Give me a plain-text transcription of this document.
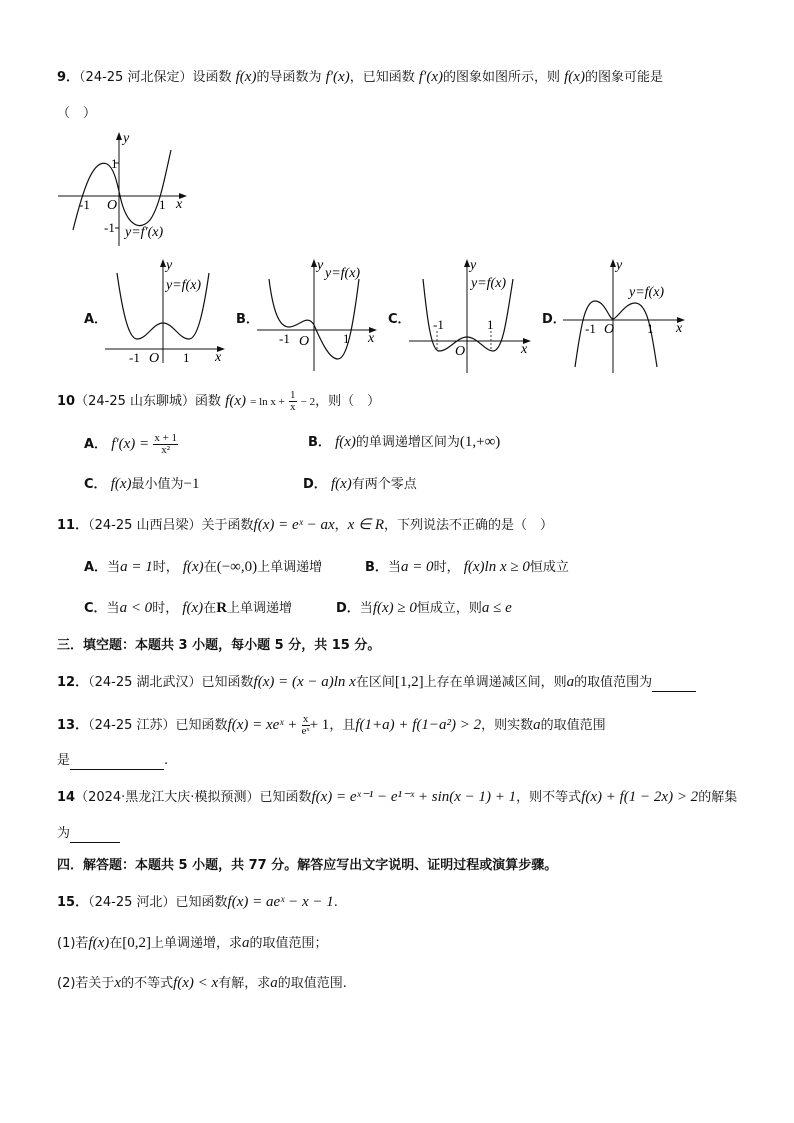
9．（24-25 河北保定）设函数 f(x)的导函数为 f′(x)，已知函数 f′(x)的图象如图所示，则 f(x)的图象可能是
（　）
y
x
O
-1	1
1
-1 y=f′(x)
A．
y
x
y=f(x)
-1 O 1
B．
y
x
y=f(x)
-1 O	1
C．
y
x
y=f(x)
-1
O
1	D．
y
x
y=f(x)
-1 O	1
10（24-25 山东聊城）函数 $f(x) = \ln x + \frac{1}{x} - 2$，则（　）
A． $f'(x) = \frac{x + 1}{\text{x²}}$	B． f(x)的单调递增区间为(1,+∞)
C． f(x)最小值为−1	D． f(x)有两个零点
11．（24-25 山西吕梁）关于函数f(x) = eˣ − ax，x ∈ R，下列说法不正确的是（　）
A．当a = 1时， f(x)在(−∞,0)上单调递增	B．当a = 0时， f(x)ln x ≥ 0恒成立
C．当a < 0时， f(x)在R上单调递增	D．当f(x) ≥ 0恒成立，则a ≤ e
三．填空题：本题共 3 小题，每小题 5 分，共 15 分。
12．（24-25 湖北武汉）已知函数f(x) = (x − a)ln x在区间[1,2]上存在单调递减区间，则a的取值范围为
13．（24-25 江苏）已知函数f(x) = xeˣ + $\frac{x}{\text{eˣ}} + 1$，且f(1+a) + f(1−a²) > 2，则实数a的取值范围
是	.
14（2024·黑龙江大庆·模拟预测）已知函数f(x) = eˣ⁻¹ − e¹⁻ˣ + sin(x − 1) + 1，则不等式f(x) + f(1 − 2x) > 2的解集
为
四．解答题：本题共 5 小题，共 77 分。解答应写出文字说明、证明过程或演算步骤。
15．（24-25 河北）已知函数f(x) = aeˣ − x − 1.
(1)若f(x)在[0,2]上单调递增，求a的取值范围；
(2)若关于x的不等式f(x) < x有解，求a的取值范围.
